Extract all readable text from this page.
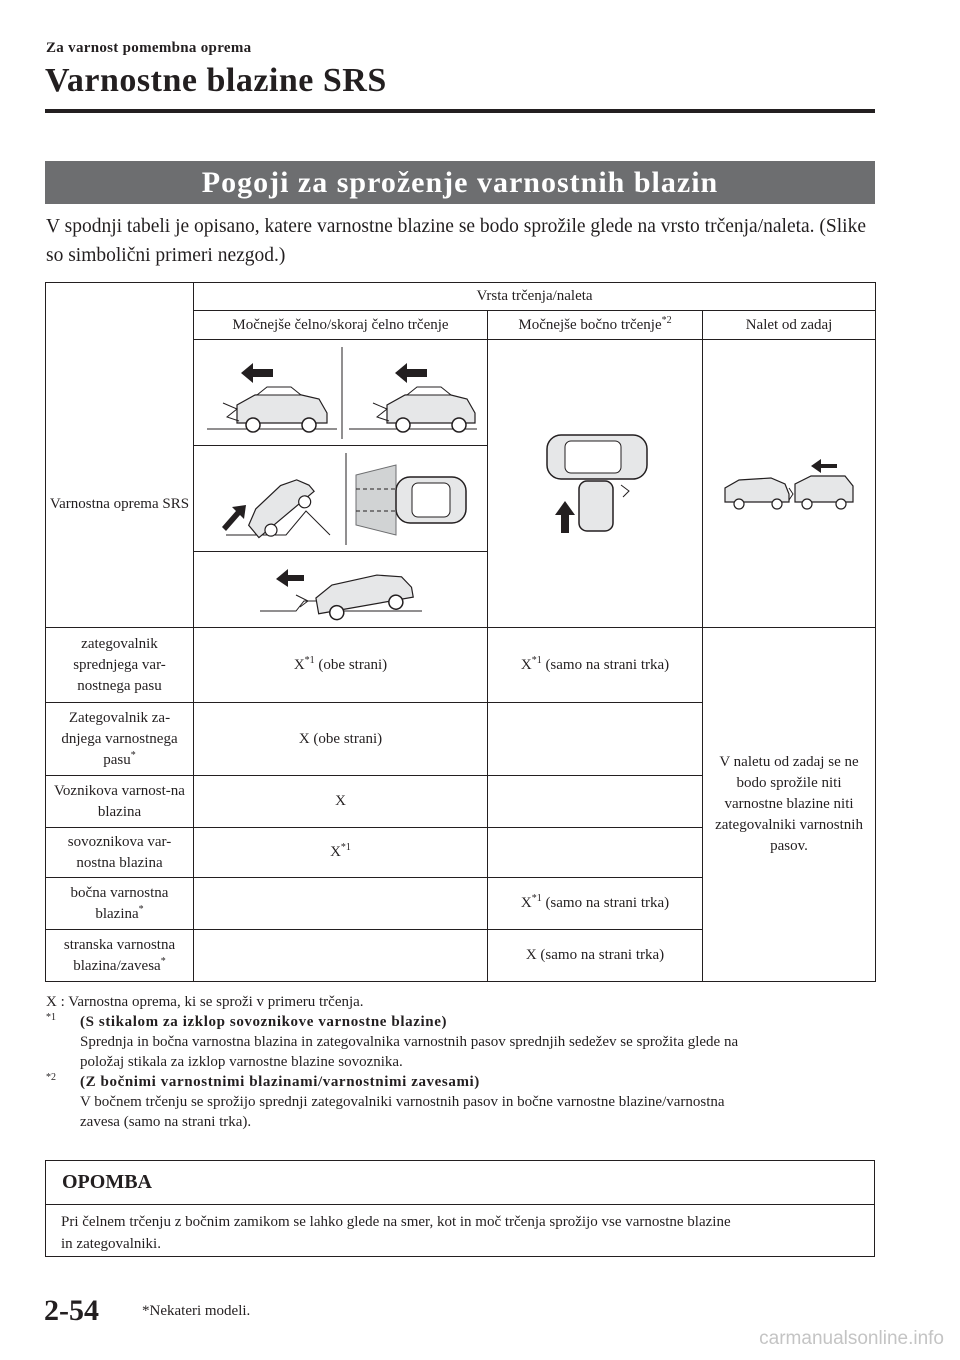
Za varnost pomembna oprema
Varnostne blazine SRS
Pogoji za sproženje varnostnih blazin
V spodnji tabeli je opisano, katere varnostne blazine se bodo sprožile glede na vrsto trčenja/naleta. (Slike so simbolični primeri nezgod.)
Varnostna oprema SRS	Vrsta trčenja/naleta		
	Močnejše čelno/skoraj čelno trčenje	Močnejše bočno trčenje$^{*2}$	Nalet od zadaj

zategovalnik sprednjega var-nostnega pasu	$X^{*1}$ (obe strani)	$X^{*1}$ (samo na strani trka)	V naletu od zadaj se ne bodo sprožile niti varnostne blazine niti zategovalniki varnostnih pasov.
Zategovalnik za-dnjega varnostnega pasu*	X (obe strani)		
Voznikova varnost-na blazina	X		
sovoznikova var-nostna blazina	$X^{*1}$	
bočna varnostna blazina*		$X^{*1}$ (samo na strani trka)	
stranska varnostna blazina/zavesa*		X (samo na strani trka)	
X : Varnostna oprema, ki se sproži v primeru trčenja.
$^{*1}$ (S stikalom za izklop sovoznikove varnostne blazine)
Sprednja in bočna varnostna blazina in zategovalnika varnostnih pasov sprednjih sedežev se sprožita glede na
položaj stikala za izklop varnostne blazine sovoznika.
$^{*2}$ (Z bočnimi varnostnimi blazinami/varnostnimi zavesami)
V bočnem trčenju se sprožijo sprednji zategovalniki varnostnih pasov in bočne varnostne blazine/varnostna
zavesa (samo na strani trka).
OPOMBA
Pri čelnem trčenju z bočnim zamikom se lahko glede na smer, kot in moč trčenja sprožijo vse varnostne blazine
in zategovalniki.
2-54	*Nekateri modeli.
carmanualsonline.info
